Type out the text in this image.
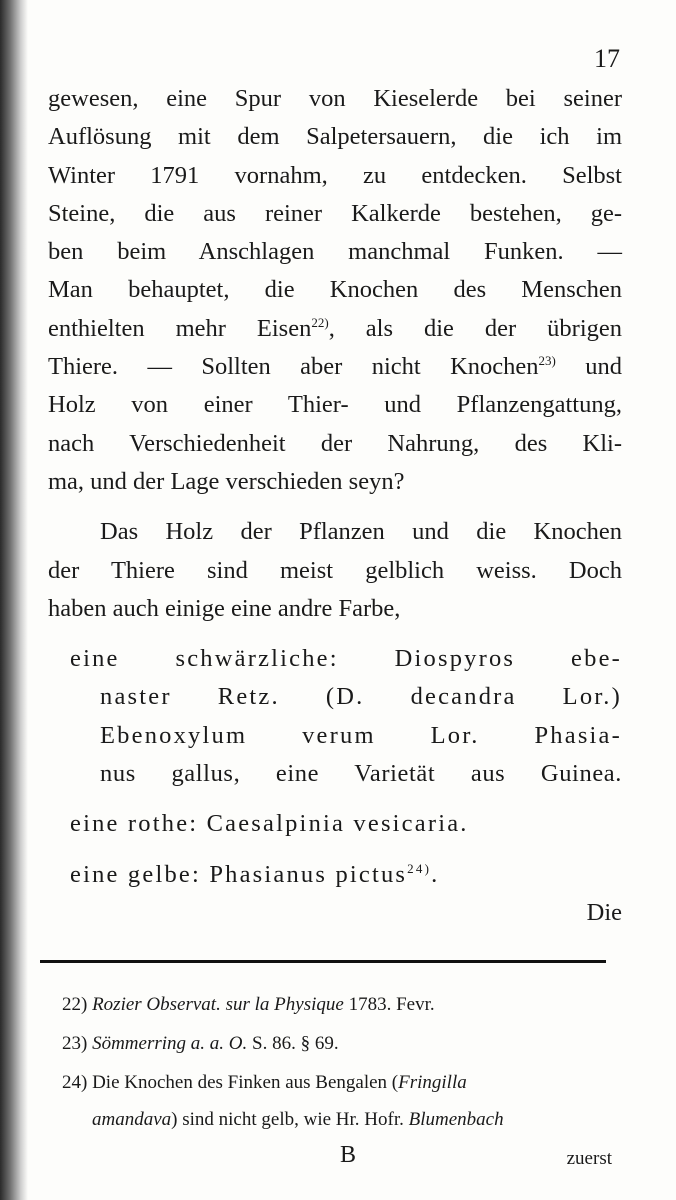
17
gewesen, eine Spur von Kieselerde bei seiner
Auflösung mit dem Salpetersauern, die ich im
Winter 1791 vornahm, zu entdecken. Selbst
Steine, die aus reiner Kalkerde bestehen, ge-
ben beim Anschlagen manchmal Funken. —
Man behauptet, die Knochen des Menschen
enthielten mehr Eisen$^{22)}$, als die der übrigen
Thiere. — Sollten aber nicht Knochen$^{23)}$ und
Holz von einer Thier- und Pflanzengattung,
nach Verschiedenheit der Nahrung, des Kli-
ma, und der Lage verschieden seyn?
Das Holz der Pflanzen und die Knochen
der Thiere sind meist gelblich weiss. Doch
haben auch einige eine andre Farbe,
eine schwärzliche: Diospyros ebe-
naster Retz. (D. decandra Lor.)
Ebenoxylum verum Lor. Phasia-
nus gallus, eine Varietät aus Guinea.
eine rothe: Caesalpinia vesicaria.
eine gelbe: Phasianus pictus$^{24)}$.
Die
22) Rozier Observat. sur la Physique 1783. Fevr.
23) Sömmerring a. a. O. S. 86. § 69.
24) Die Knochen des Finken aus Bengalen (Fringilla
amandava) sind nicht gelb, wie Hr. Hofr. Blumenbach
B	zuerst
